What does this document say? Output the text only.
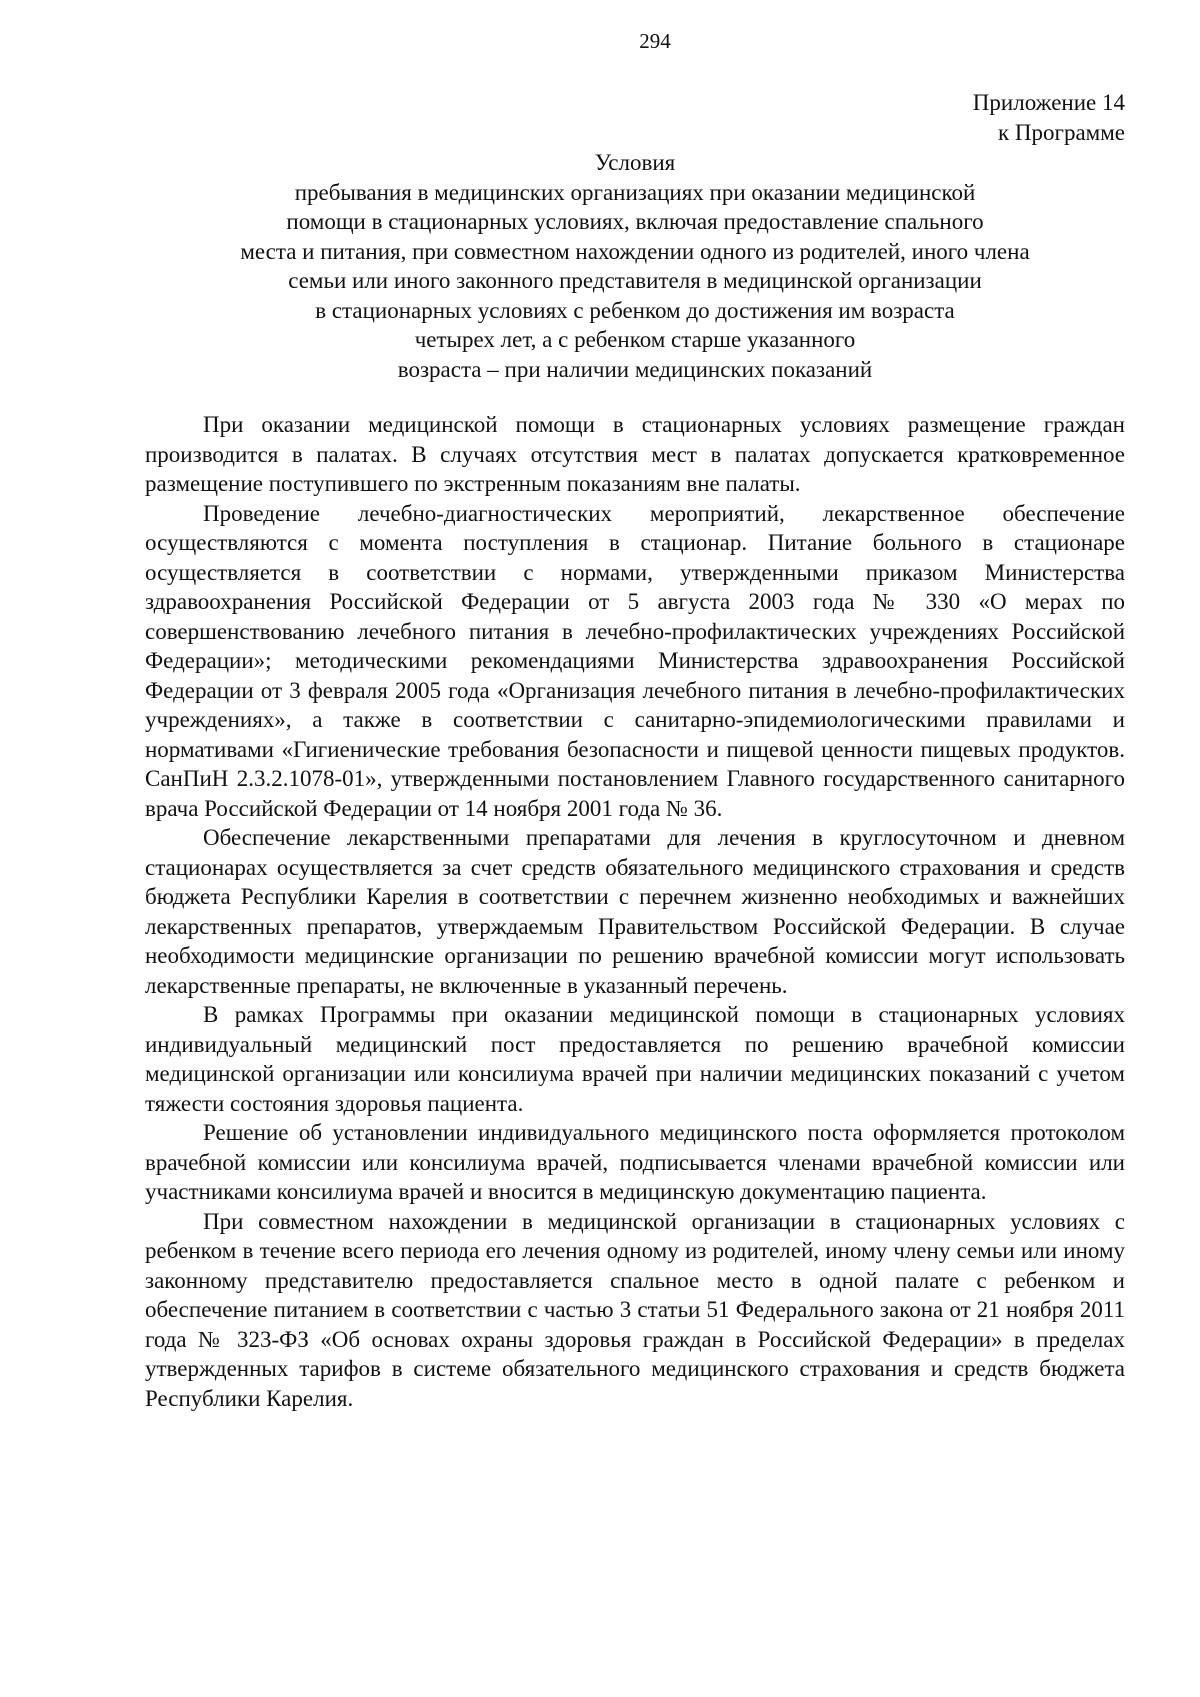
294

Приложение 14

к Программе

Условия
пребывания в медицинских организациях при оказании медицинской
помощи в стационарных условиях, включая предоставление спального
места и питания, при совместном нахождении одного из родителей, иного члена
семьи или иного законного представителя в медицинской организации
в стационарных условиях с ребенком до достижения им возраста
четырех лет, а с ребенком старше указанного
возраста – при наличии медицинских показаний

При оказании медицинской помощи в стационарных условиях размещение граждан производится в палатах. В случаях отсутствия мест в палатах допускается кратковременное размещение поступившего по экстренным показаниям вне палаты.

Проведение лечебно-диагностических мероприятий, лекарственное обеспечение осуществляются с момента поступления в стационар. Питание больного в стационаре осуществляется в соответствии с нормами, утвержденными приказом Министерства здравоохранения Российской Федерации от 5 августа 2003 года № 330 «О мерах по совершенствованию лечебного питания в лечебно-профилактических учреждениях Российской Федерации»; методическими рекомендациями Министерства здравоохранения Российской Федерации от 3 февраля 2005 года «Организация лечебного питания в лечебно-профилактических учреждениях», а также в соответствии с санитарно-эпидемиологическими правилами и нормативами «Гигиенические требования безопасности и пищевой ценности пищевых продуктов. СанПиН 2.3.2.1078-01», утвержденными постановлением Главного государственного санитарного врача Российской Федерации от 14 ноября 2001 года № 36.

Обеспечение лекарственными препаратами для лечения в круглосуточном и дневном стационарах осуществляется за счет средств обязательного медицинского страхования и средств бюджета Республики Карелия в соответствии с перечнем жизненно необходимых и важнейших лекарственных препаратов, утверждаемым Правительством Российской Федерации. В случае необходимости медицинские организации по решению врачебной комиссии могут использовать лекарственные препараты, не включенные в указанный перечень.

В рамках Программы при оказании медицинской помощи в стационарных условиях индивидуальный медицинский пост предоставляется по решению врачебной комиссии медицинской организации или консилиума врачей при наличии медицинских показаний с учетом тяжести состояния здоровья пациента.

Решение об установлении индивидуального медицинского поста оформляется протоколом врачебной комиссии или консилиума врачей, подписывается членами врачебной комиссии или участниками консилиума врачей и вносится в медицинскую документацию пациента.

При совместном нахождении в медицинской организации в стационарных условиях с ребенком в течение всего периода его лечения одному из родителей, иному члену семьи или иному законному представителю предоставляется спальное место в одной палате с ребенком и обеспечение питанием в соответствии с частью 3 статьи 51 Федерального закона от 21 ноября 2011 года № 323-ФЗ «Об основах охраны здоровья граждан в Российской Федерации» в пределах утвержденных тарифов в системе обязательного медицинского страхования и средств бюджета Республики Карелия.
